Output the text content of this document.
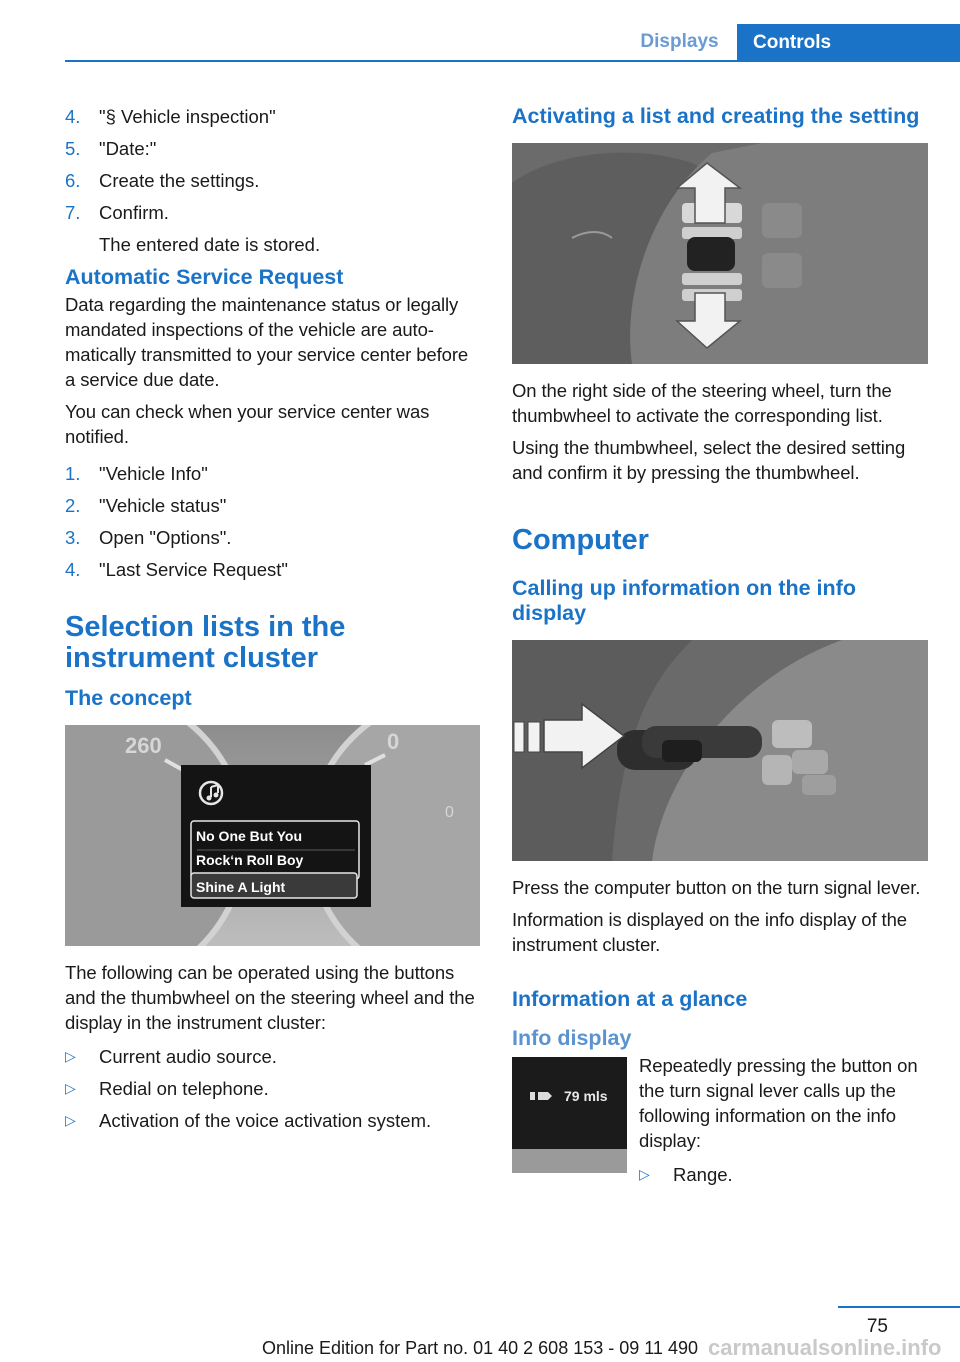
Displays	Controls
4.	"§ Vehicle inspection"
5.	"Date:"
6.	Create the settings.
7.	Confirm.
The entered date is stored.
Automatic Service Request

Data regarding the maintenance status or legally mandated inspections of the vehicle are automatically transmitted to your service center before a service due date.

You can check when your service center was notified.

1.	"Vehicle Info"
2.	"Vehicle status"
3.	Open "Options".
4.	"Last Service Request"
Selection lists in the instrument cluster
The concept
260	0
0
No One But You
Rock‘n Roll Boy
Shine A Light

The following can be operated using the buttons and the thumbwheel on the steering wheel and the display in the instrument cluster:

▷	Current audio source.
▷	Redial on telephone.
▷	Activation of the voice activation system.
Activating a list and creating the setting

On the right side of the steering wheel, turn the thumbwheel to activate the corresponding list.

Using the thumbwheel, select the desired setting and confirm it by pressing the thumbwheel.

Computer
Calling up information on the info display

Press the computer button on the turn signal lever.

Information is displayed on the info display of the instrument cluster.

Information at a glance
Info display
79 mls

Repeatedly pressing the button on the turn signal lever calls up the following information on the info display:

▷	Range.
75
Online Edition for Part no. 01 40 2 608 153 - 09 11 490 carmanualsonline.info
